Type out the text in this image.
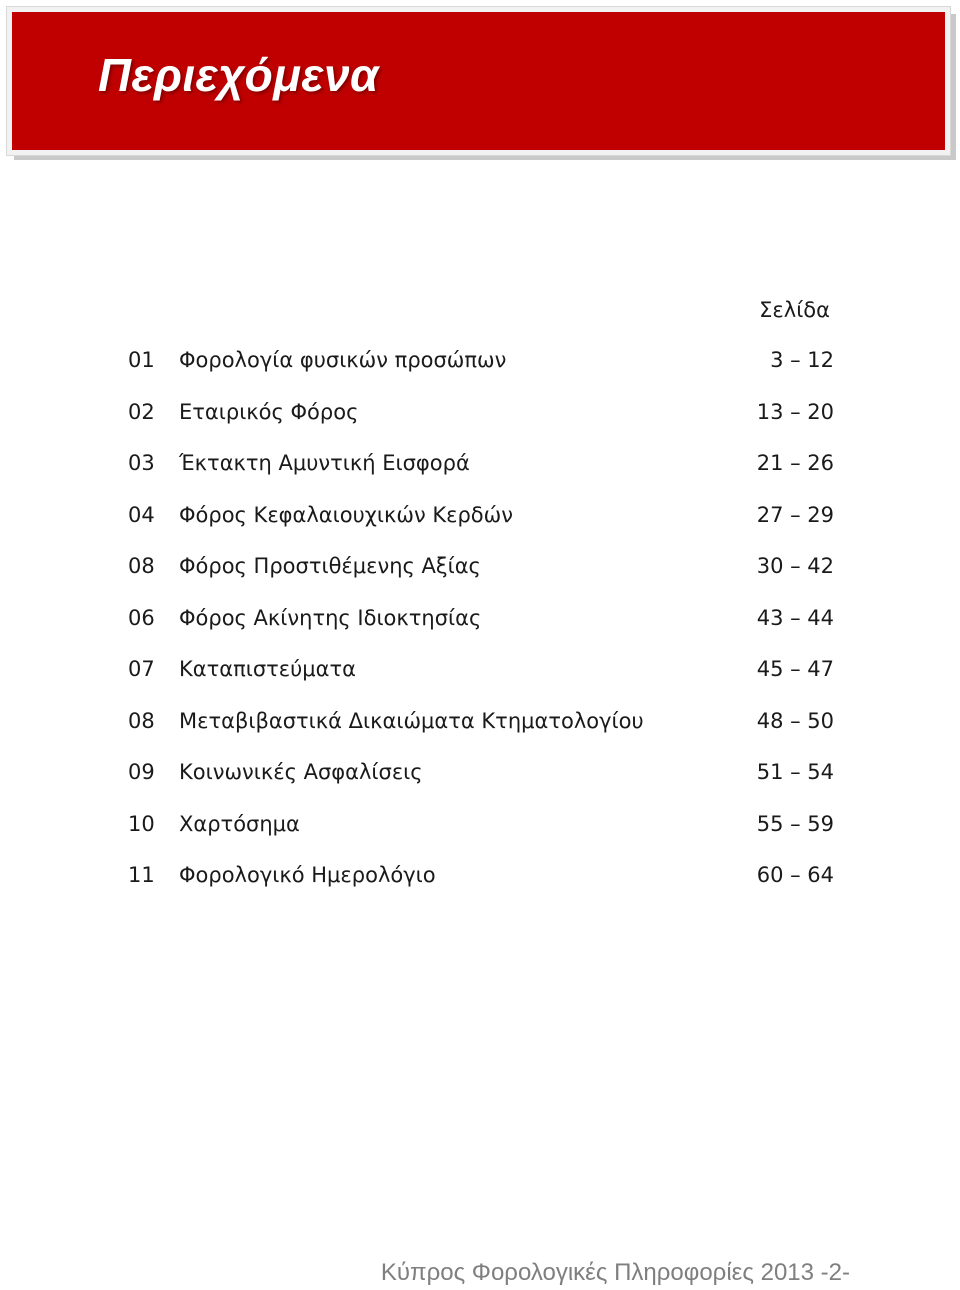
Περιεχόμενα
Σελίδα
01	Φορολογία φυσικών προσώπων	3 – 12
02	Εταιρικός Φόρος	13 – 20
03	Έκτακτη Αμυντική Εισφορά	21 – 26
04	Φόρος Κεφαλαιουχικών Κερδών	27 – 29
08	Φόρος Προστιθέμενης Αξίας	30 – 42
06	Φόρος Ακίνητης Ιδιοκτησίας	43 – 44
07	Καταπιστεύματα	45 – 47
08	Μεταβιβαστικά Δικαιώματα Κτηματολογίου	48 – 50
09	Κοινωνικές Ασφαλίσεις	51 – 54
10	Χαρτόσημα	55 – 59
11	Φορολογικό Ημερολόγιο	60 – 64
Κύπρος Φορολογικές Πληροφορίες 2013 -2-
